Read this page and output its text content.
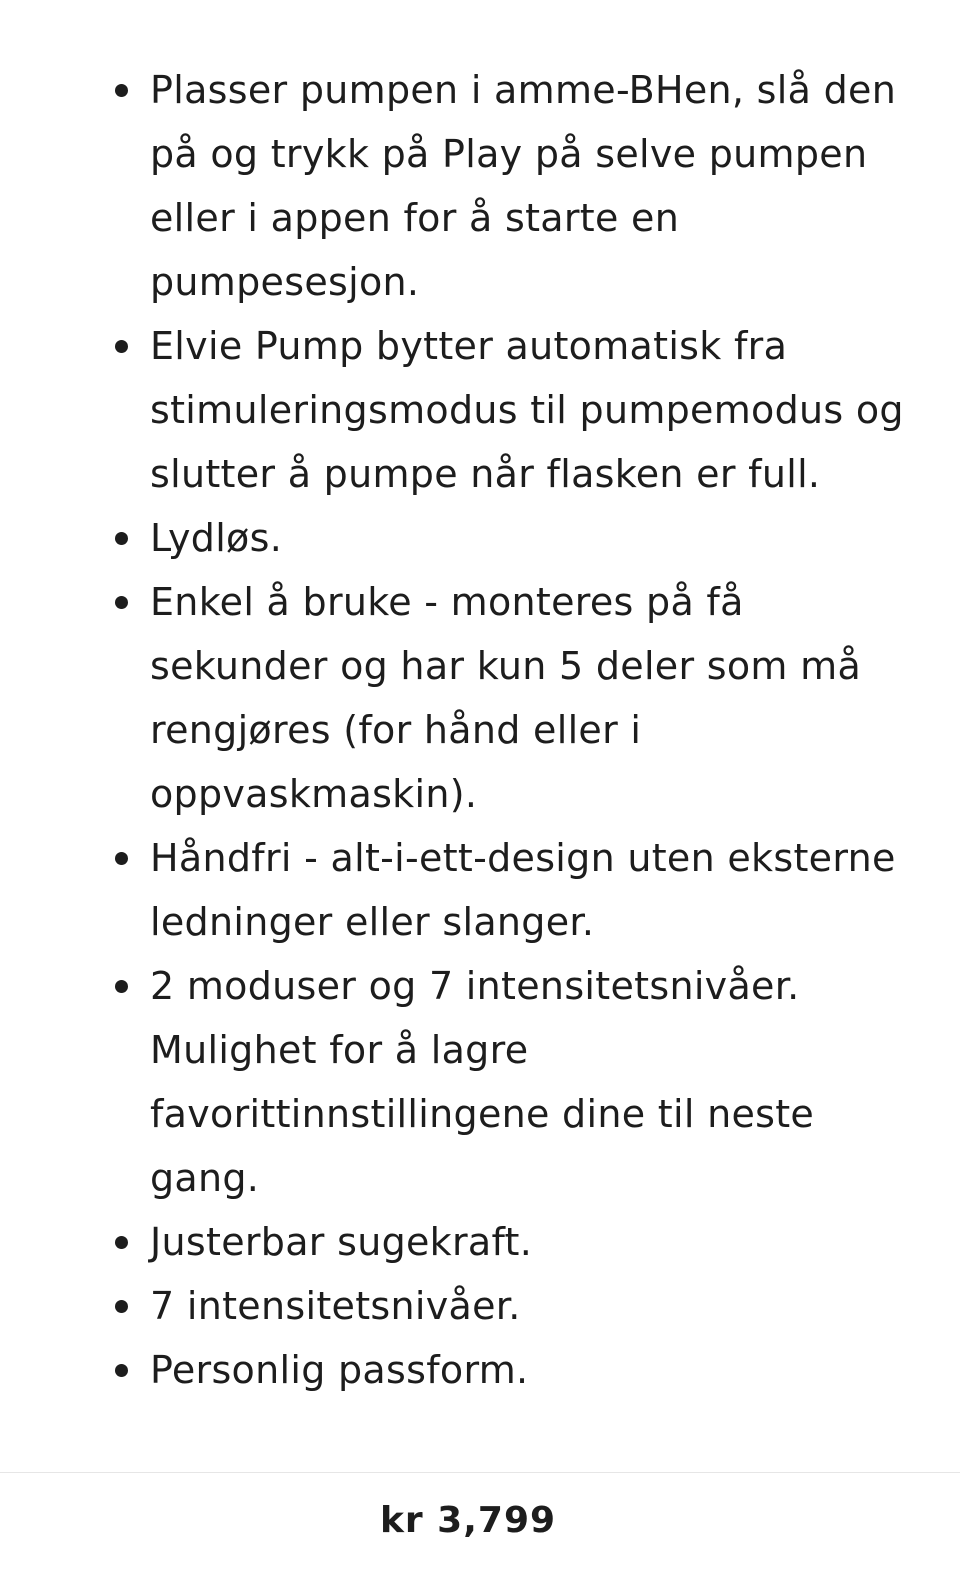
Plasser pumpen i amme-BHen, slå den på og trykk på Play på selve pumpen eller i appen for å starte en pumpesesjon.
Elvie Pump bytter automatisk fra stimuleringsmodus til pumpemodus og slutter å pumpe når flasken er full.
Lydløs.
Enkel å bruke - monteres på få sekunder og har kun 5 deler som må rengjøres (for hånd eller i oppvaskmaskin).
Håndfri - alt-i-ett-design uten eksterne ledninger eller slanger.
2 moduser og 7 intensitetsnivåer. Mulighet for å lagre favorittinnstillingene dine til neste gang.
Justerbar sugekraft.
7 intensitetsnivåer.
Personlig passform.
kr 3,799
